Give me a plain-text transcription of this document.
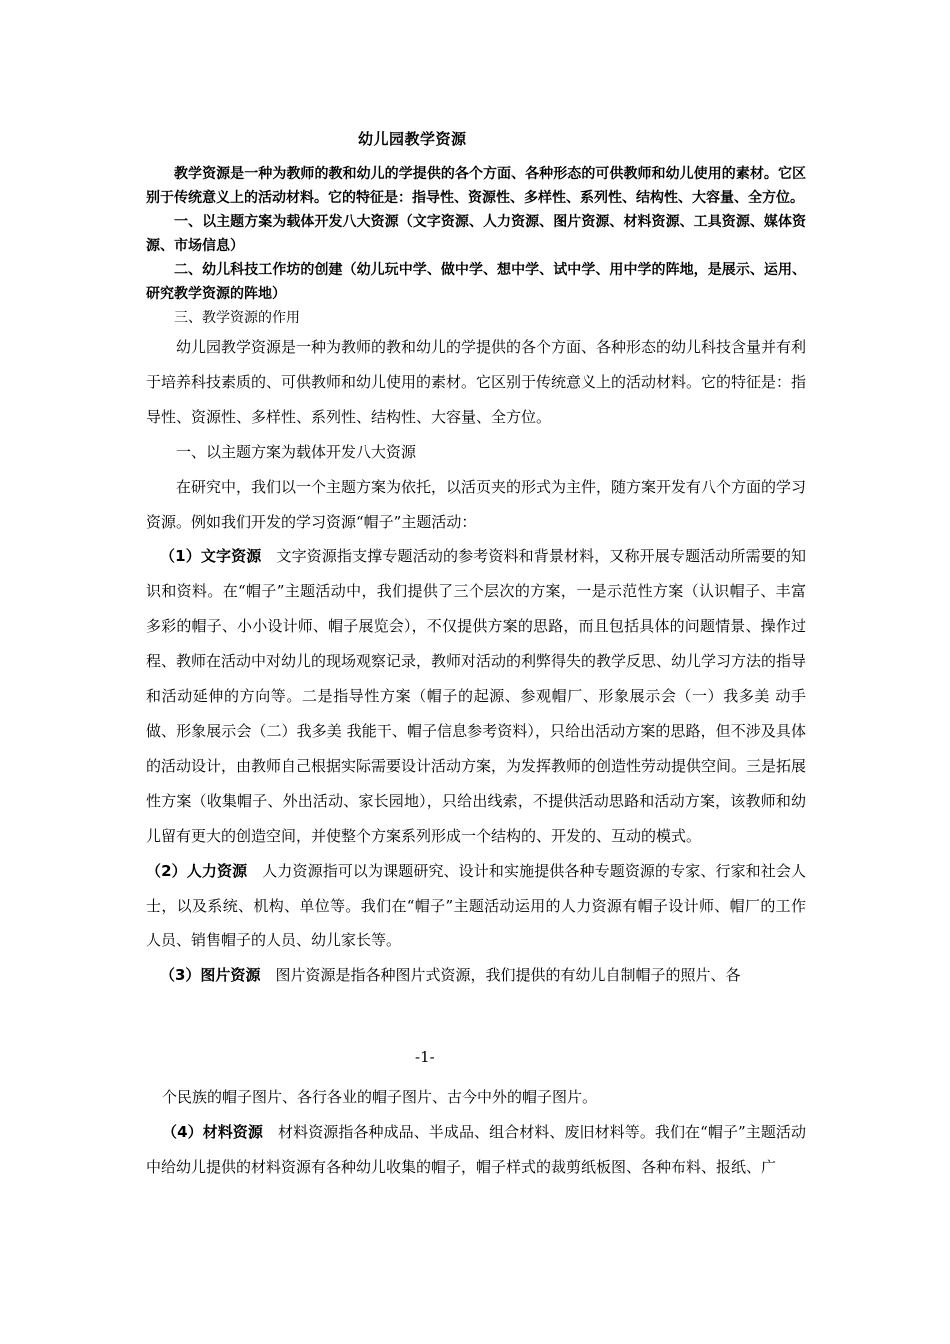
幼儿园教学资源

教学资源是一种为教师的教和幼儿的学提供的各个方面、各种形态的可供教师和幼儿使用的素材。它区别于传统意义上的活动材料。它的特征是：指导性、资源性、多样性、系列性、结构性、大容量、全方位。

一、以主题方案为载体开发八大资源（文字资源、人力资源、图片资源、材料资源、工具资源、媒体资源、市场信息）

二、幼儿科技工作坊的创建（幼儿玩中学、做中学、想中学、试中学、用中学的阵地，是展示、运用、研究教学资源的阵地）

三、教学资源的作用

幼儿园教学资源是一种为教师的教和幼儿的学提供的各个方面、各种形态的幼儿科技含量并有利于培养科技素质的、可供教师和幼儿使用的素材。它区别于传统意义上的活动材料。它的特征是：指导性、资源性、多样性、系列性、结构性、大容量、全方位。

一、以主题方案为载体开发八大资源

在研究中，我们以一个主题方案为依托，以活页夹的形式为主件，随方案开发有八个方面的学习资源。例如我们开发的学习资源“帽子”主题活动：

（1）文字资源　文字资源指支撑专题活动的参考资料和背景材料，又称开展专题活动所需要的知识和资料。在“帽子”主题活动中，我们提供了三个层次的方案，一是示范性方案（认识帽子、丰富多彩的帽子、小小设计师、帽子展览会），不仅提供方案的思路，而且包括具体的问题情景、操作过程、教师在活动中对幼儿的现场观察记录，教师对活动的利弊得失的教学反思、幼儿学习方法的指导和活动延伸的方向等。二是指导性方案（帽子的起源、参观帽厂、形象展示会（一）我多美 动手做、形象展示会（二）我多美 我能干、帽子信息参考资料），只给出活动方案的思路，但不涉及具体的活动设计，由教师自己根据实际需要设计活动方案，为发挥教师的创造性劳动提供空间。三是拓展性方案（收集帽子、外出活动、家长园地），只给出线索，不提供活动思路和活动方案，该教师和幼儿留有更大的创造空间，并使整个方案系列形成一个结构的、开发的、互动的模式。

（2）人力资源　人力资源指可以为课题研究、设计和实施提供各种专题资源的专家、行家和社会人士，以及系统、机构、单位等。我们在“帽子”主题活动运用的人力资源有帽子设计师、帽厂的工作人员、销售帽子的人员、幼儿家长等。

（3）图片资源　图片资源是指各种图片式资源，我们提供的有幼儿自制帽子的照片、各

-1-

个民族的帽子图片、各行各业的帽子图片、古今中外的帽子图片。

（4）材料资源　材料资源指各种成品、半成品、组合材料、废旧材料等。我们在“帽子”主题活动中给幼儿提供的材料资源有各种幼儿收集的帽子，帽子样式的裁剪纸板图、各种布料、报纸、广
